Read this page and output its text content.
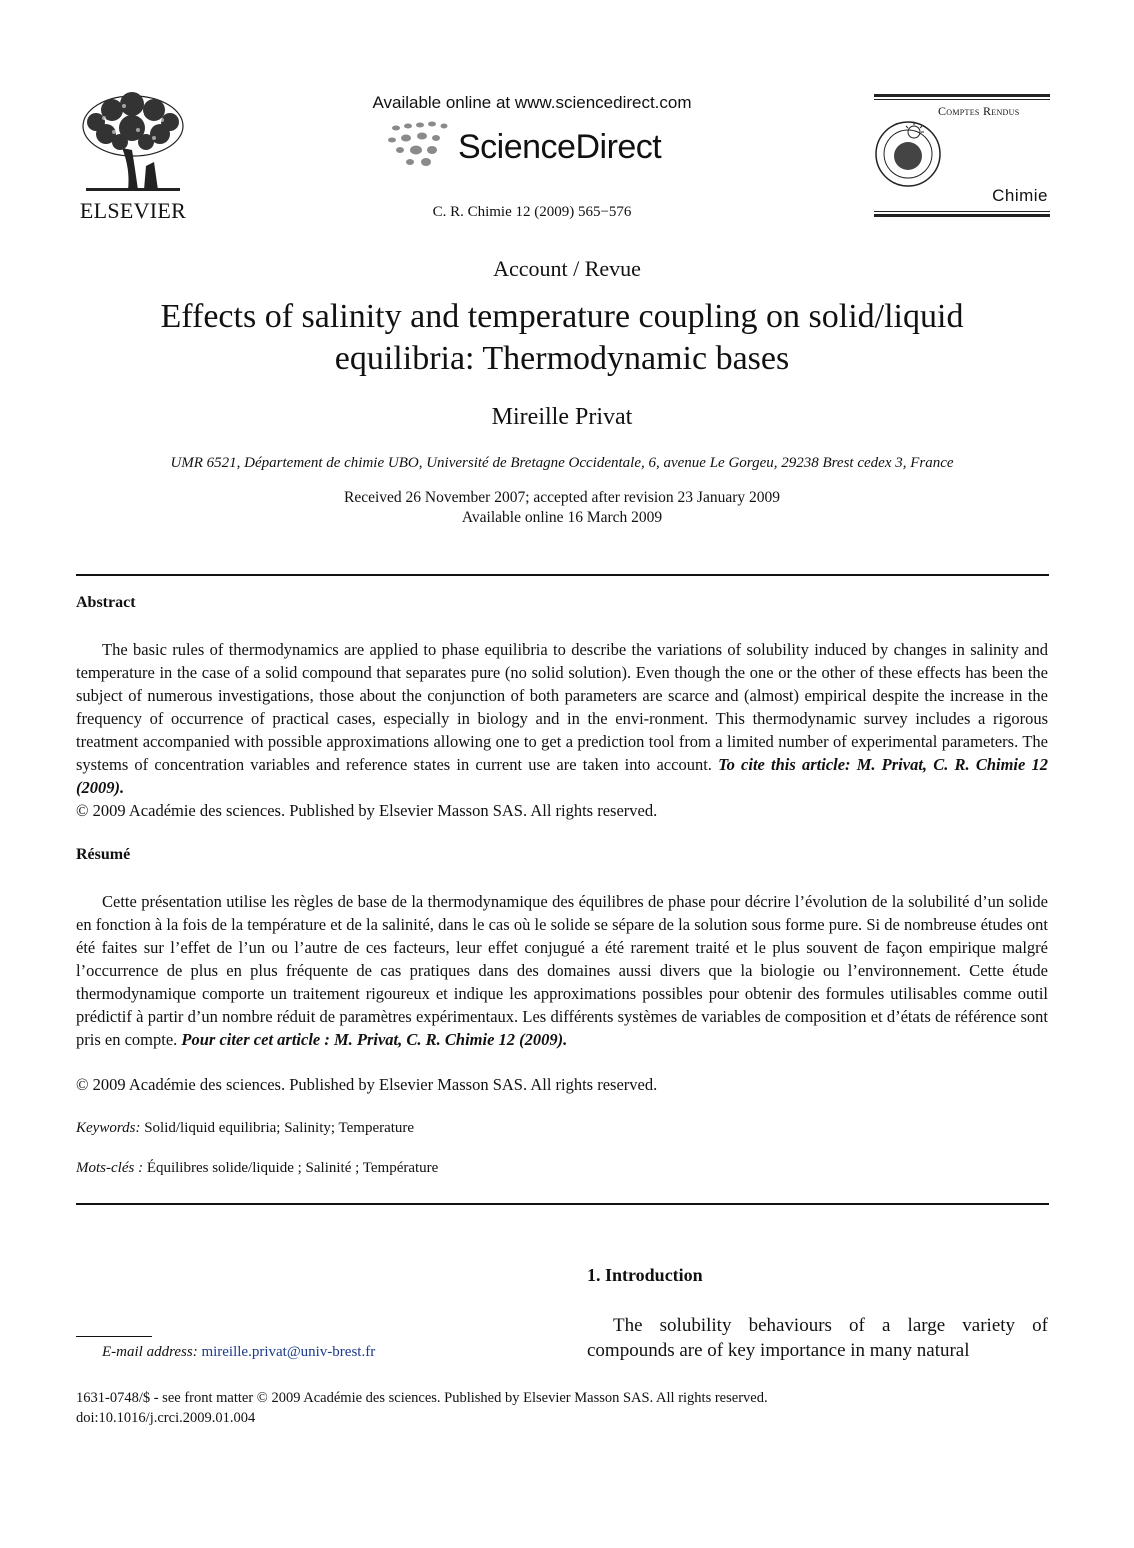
ELSEVIER
Available online at www.sciencedirect.com
ScienceDirect
C. R. Chimie 12 (2009) 565−576
Comptes Rendus
Chimie
Account / Revue
Effects of salinity and temperature coupling on solid/liquid equilibria: Thermodynamic bases
Mireille Privat
UMR 6521, Département de chimie UBO, Université de Bretagne Occidentale, 6, avenue Le Gorgeu, 29238 Brest cedex 3, France
Received 26 November 2007; accepted after revision 23 January 2009
Available online 16 March 2009
Abstract
The basic rules of thermodynamics are applied to phase equilibria to describe the variations of solubility induced by changes in salinity and temperature in the case of a solid compound that separates pure (no solid solution). Even though the one or the other of these effects has been the subject of numerous investigations, those about the conjunction of both parameters are scarce and (almost) empirical despite the increase in the frequency of occurrence of practical cases, especially in biology and in the envi-ronment. This thermodynamic survey includes a rigorous treatment accompanied with possible approximations allowing one to get a prediction tool from a limited number of experimental parameters. The systems of concentration variables and reference states in current use are taken into account. To cite this article: M. Privat, C. R. Chimie 12 (2009).
© 2009 Académie des sciences. Published by Elsevier Masson SAS. All rights reserved.
Résumé
Cette présentation utilise les règles de base de la thermodynamique des équilibres de phase pour décrire l’évolution de la solubilité d’un solide en fonction à la fois de la température et de la salinité, dans le cas où le solide se sépare de la solution sous forme pure. Si de nombreuse études ont été faites sur l’effet de l’un ou l’autre de ces facteurs, leur effet conjugué a été rarement traité et le plus souvent de façon empirique malgré l’occurrence de plus en plus fréquente de cas pratiques dans des domaines aussi divers que la biologie ou l’environnement. Cette étude thermodynamique comporte un traitement rigoureux et indique les approximations possibles pour obtenir des formules utilisables comme outil prédictif à partir d’un nombre réduit de paramètres expérimentaux. Les différents systèmes de variables de composition et d’états de référence sont pris en compte. Pour citer cet article : M. Privat, C. R. Chimie 12 (2009).
© 2009 Académie des sciences. Published by Elsevier Masson SAS. All rights reserved.
Keywords: Solid/liquid equilibria; Salinity; Temperature
Mots-clés : Équilibres solide/liquide ; Salinité ; Température
1. Introduction
The solubility behaviours of a large variety of compounds are of key importance in many natural
E-mail address: mireille.privat@univ-brest.fr
1631-0748/$ - see front matter © 2009 Académie des sciences. Published by Elsevier Masson SAS. All rights reserved.
doi:10.1016/j.crci.2009.01.004
